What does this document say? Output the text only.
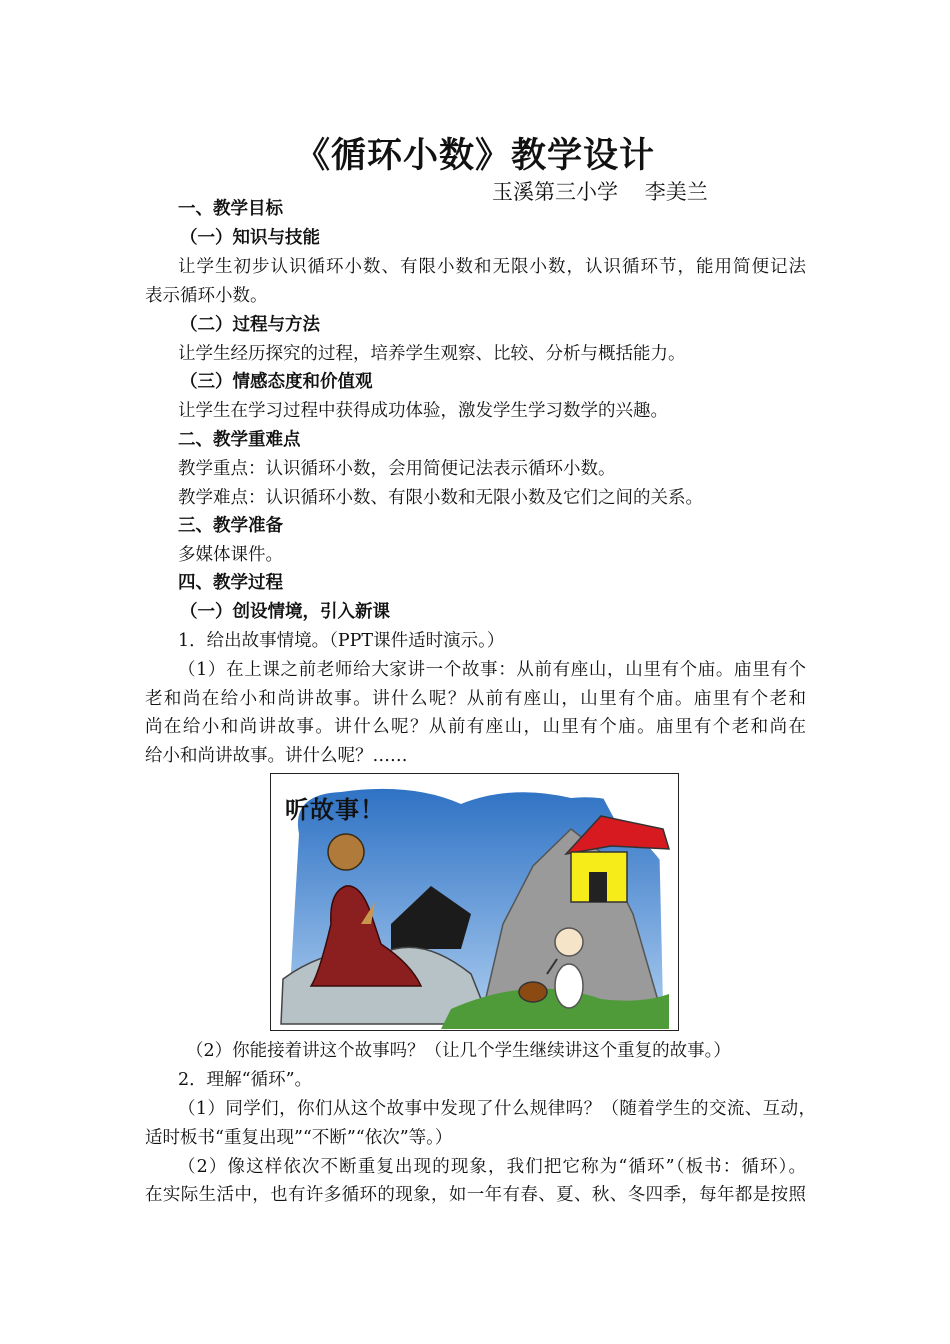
《循环小数》教学设计
玉溪第三小学    李美兰
一、教学目标
（一）知识与技能
让学生初步认识循环小数、有限小数和无限小数，认识循环节，能用简便记法
表示循环小数。
（二）过程与方法
让学生经历探究的过程，培养学生观察、比较、分析与概括能力。
（三）情感态度和价值观
让学生在学习过程中获得成功体验，激发学生学习数学的兴趣。
二、教学重难点
教学重点：认识循环小数，会用简便记法表示循环小数。
教学难点：认识循环小数、有限小数和无限小数及它们之间的关系。
三、教学准备
多媒体课件。
四、教学过程
（一）创设情境，引入新课
1．给出故事情境。（PPT课件适时演示。）
（1）在上课之前老师给大家讲一个故事：从前有座山，山里有个庙。庙里有个
老和尚在给小和尚讲故事。讲什么呢？从前有座山，山里有个庙。庙里有个老和
尚在给小和尚讲故事。讲什么呢？从前有座山，山里有个庙。庙里有个老和尚在
给小和尚讲故事。讲什么呢？……
听故事！
（2）你能接着讲这个故事吗？（让几个学生继续讲这个重复的故事。）
2．理解“循环”。
（1）同学们，你们从这个故事中发现了什么规律吗？（随着学生的交流、互动，
适时板书“重复出现”“不断”“依次”等。）
（2）像这样依次不断重复出现的现象，我们把它称为“循环”（板书：循环）。
在实际生活中，也有许多循环的现象，如一年有春、夏、秋、冬四季，每年都是按照
